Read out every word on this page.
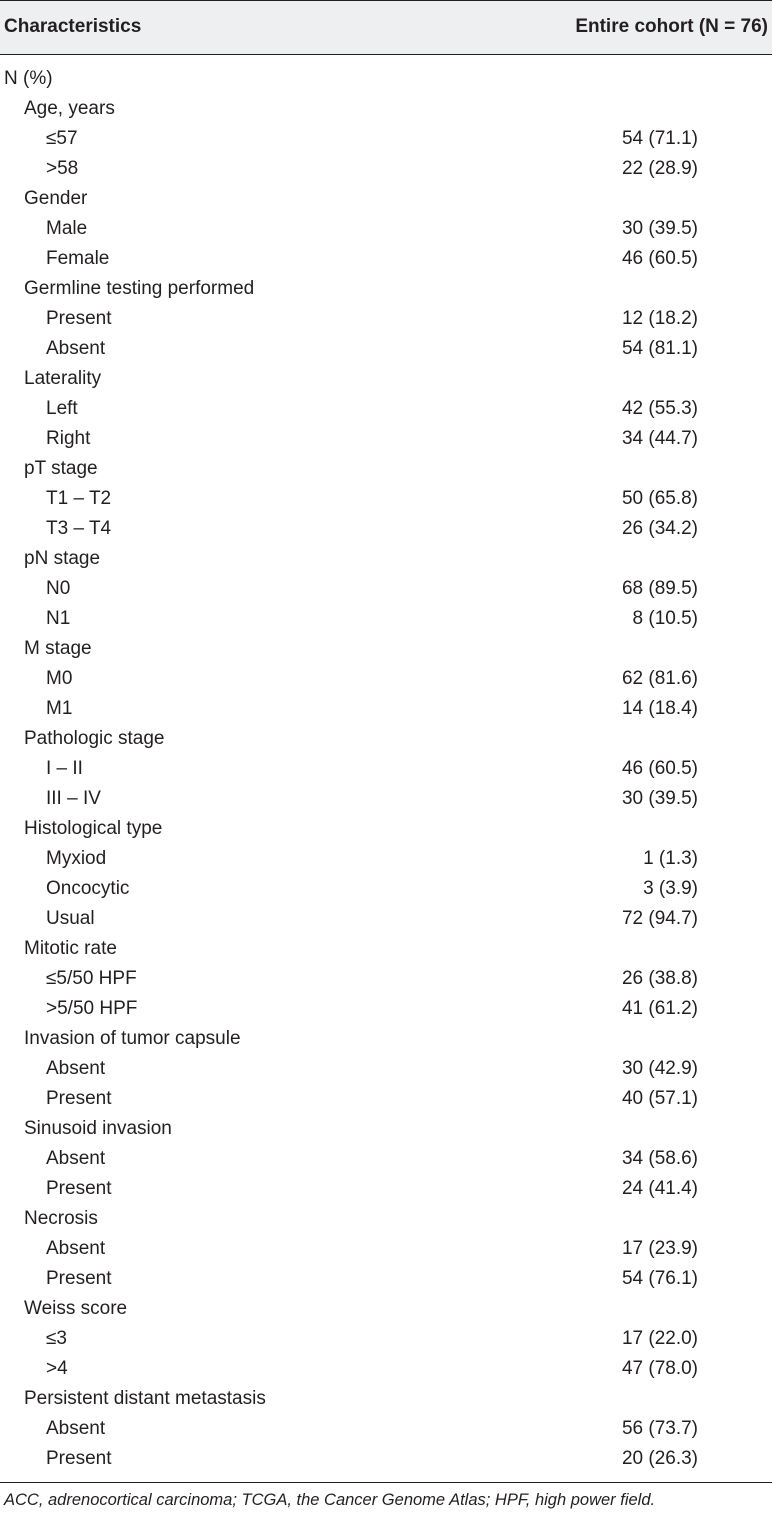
Characteristics	Entire cohort (N = 76)
N (%)
Age, years
≤57	54 (71.1)
>58	22 (28.9)
Gender
Male	30 (39.5)
Female	46 (60.5)
Germline testing performed
Present	12 (18.2)
Absent	54 (81.1)
Laterality
Left	42 (55.3)
Right	34 (44.7)
pT stage
T1 – T2	50 (65.8)
T3 – T4	26 (34.2)
pN stage
N0	68 (89.5)
N1	8 (10.5)
M stage
M0	62 (81.6)
M1	14 (18.4)
Pathologic stage
I – II	46 (60.5)
III – IV	30 (39.5)
Histological type
Myxiod	1 (1.3)
Oncocytic	3 (3.9)
Usual	72 (94.7)
Mitotic rate
≤5/50 HPF	26 (38.8)
>5/50 HPF	41 (61.2)
Invasion of tumor capsule
Absent	30 (42.9)
Present	40 (57.1)
Sinusoid invasion
Absent	34 (58.6)
Present	24 (41.4)
Necrosis
Absent	17 (23.9)
Present	54 (76.1)
Weiss score
≤3	17 (22.0)
>4	47 (78.0)
Persistent distant metastasis
Absent	56 (73.7)
Present	20 (26.3)
ACC, adrenocortical carcinoma; TCGA, the Cancer Genome Atlas; HPF, high power field.
